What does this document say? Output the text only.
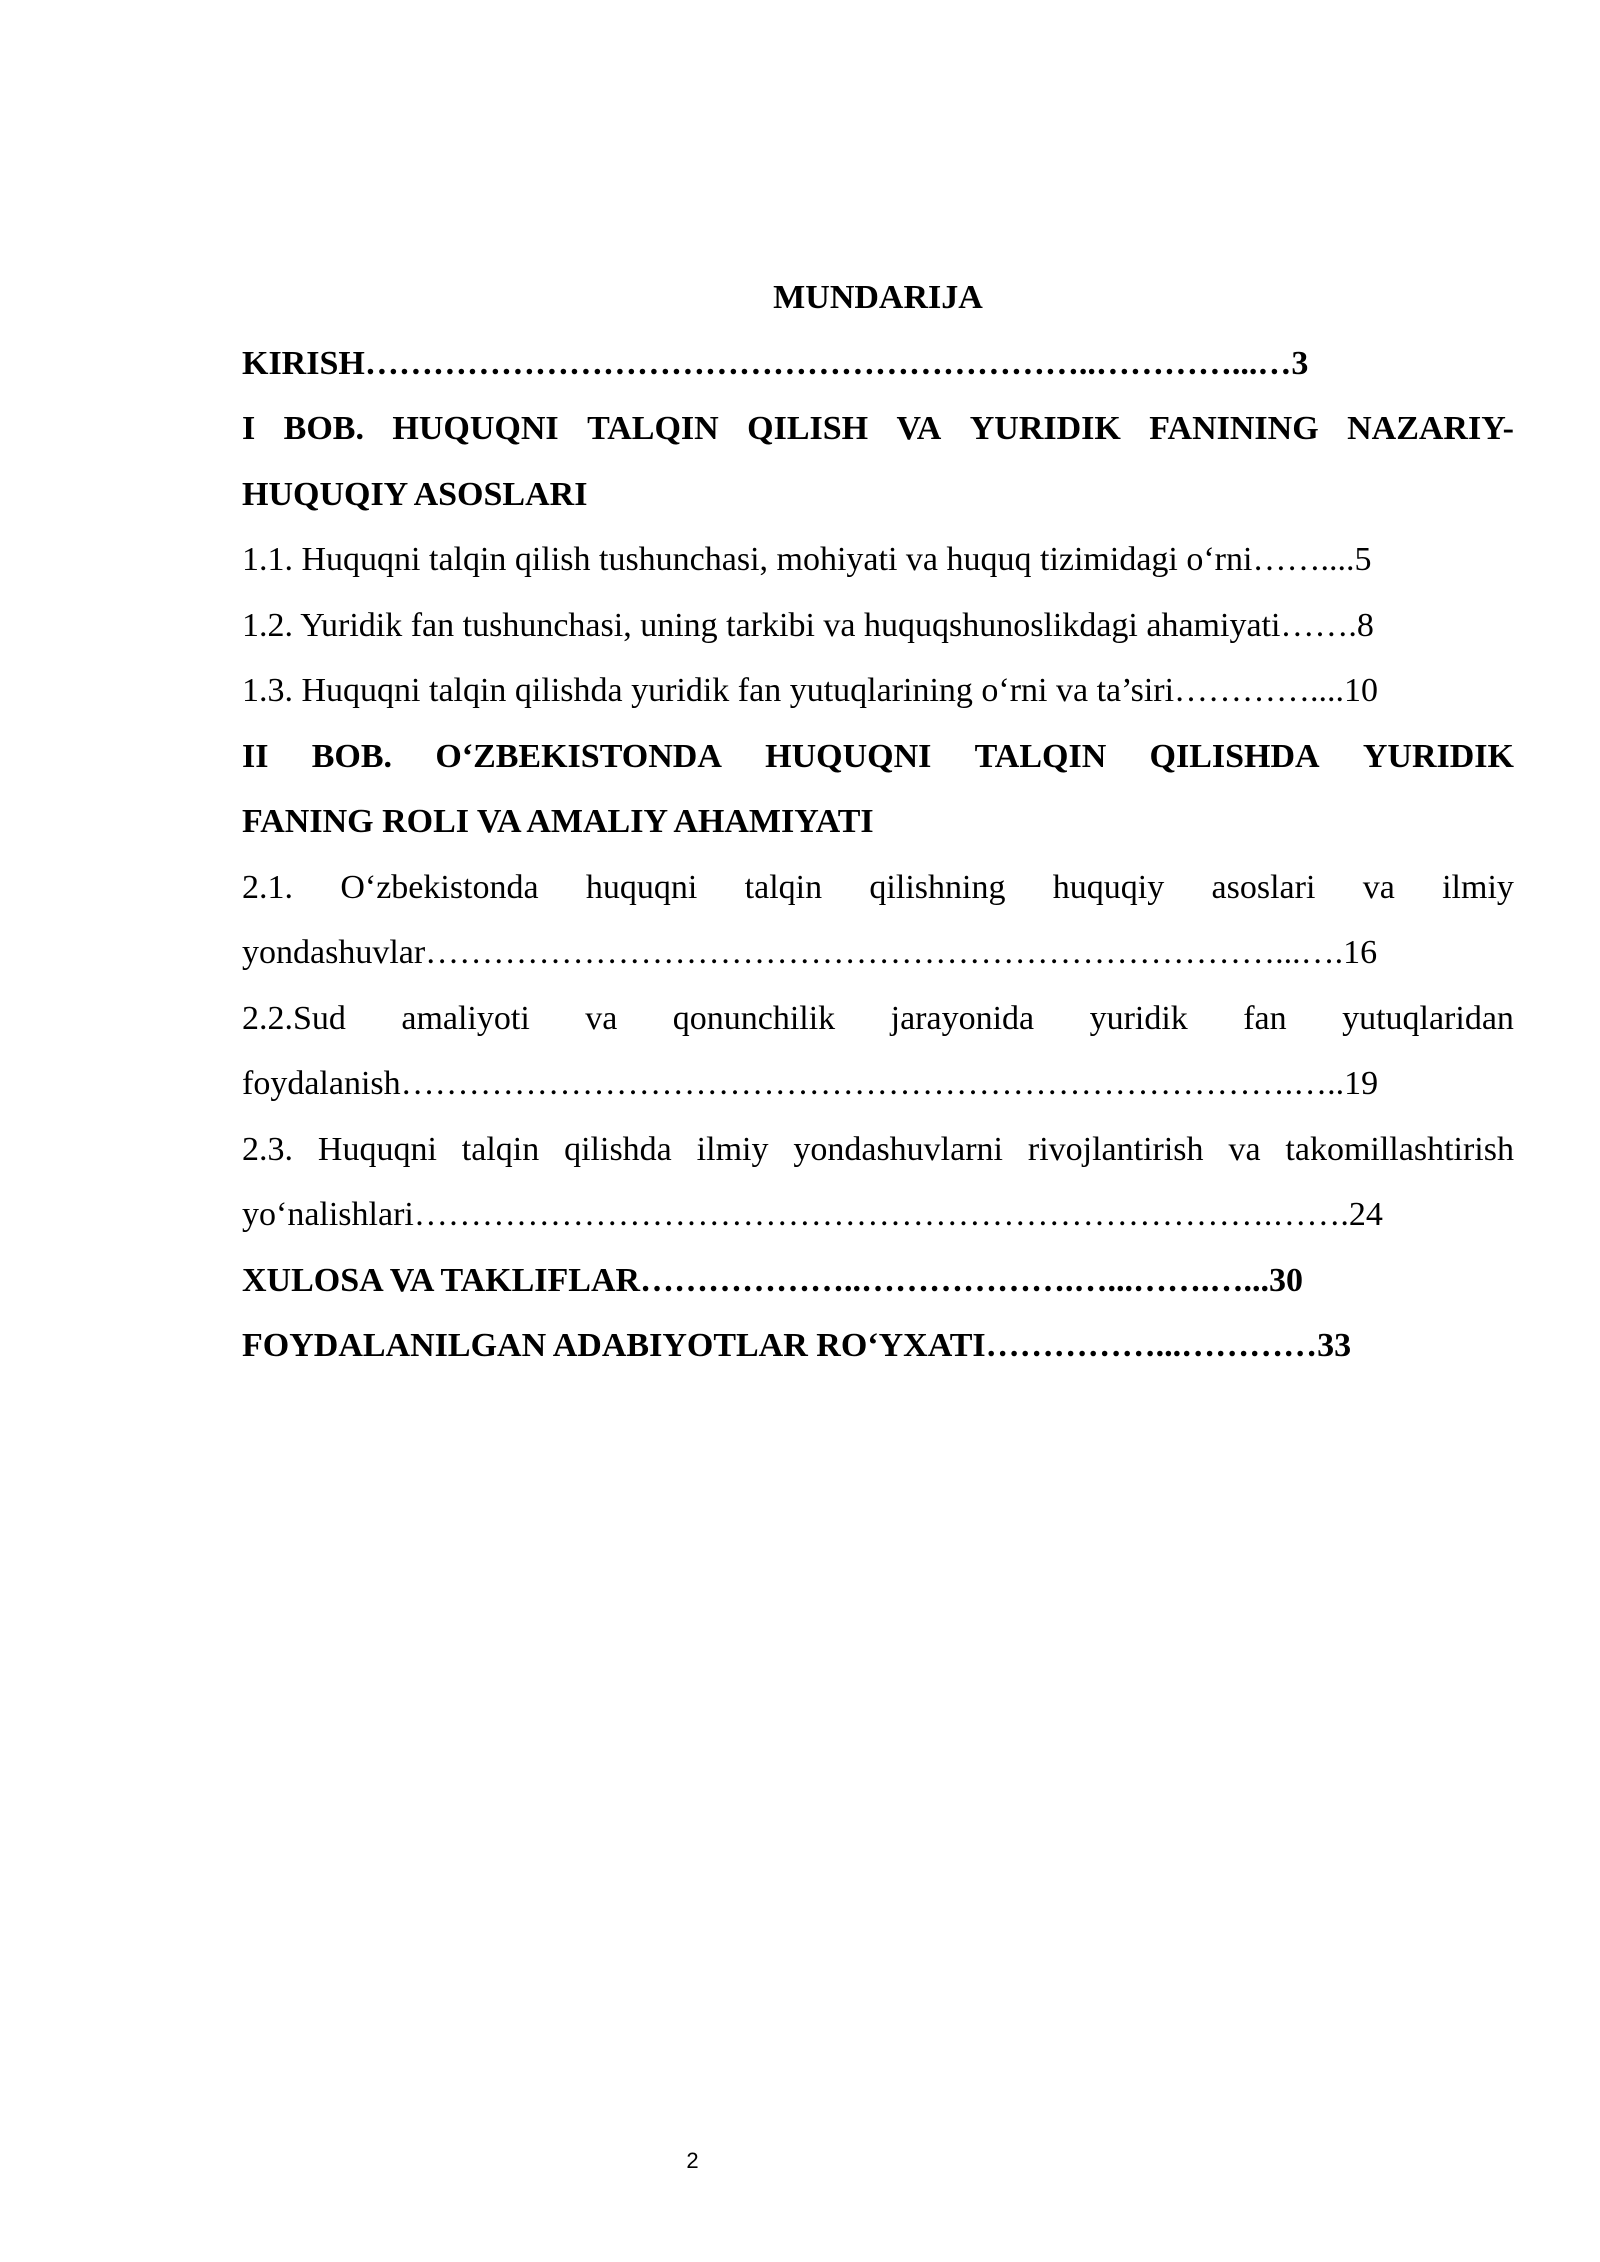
MUNDARIJA
KIRISH………………………………………………………..…………...…3
I BOB. HUQUQNI TALQIN QILISH VA YURIDIK FANINING NAZARIY-
HUQUQIY ASOSLARI
1.1. Huquqni talqin qilish tushunchasi, mohiyati va huquq tizimidagi o‘rni……....5
1.2. Yuridik fan tushunchasi, uning tarkibi va huquqshunoslikdagi ahamiyati…….8
1.3. Huquqni talqin qilishda yuridik fan yutuqlarining o‘rni va ta’siri…………....10
II BOB. O‘ZBEKISTONDA HUQUQNI TALQIN QILISHDA YURIDIK
FANING ROLI VA AMALIY AHAMIYATI
2.1. O‘zbekistonda huquqni talqin qilishning huquqiy asoslari va ilmiy
yondashuvlar…………………………………………………………………...….16
2.2.Sud amaliyoti va qonunchilik jarayonida yuridik fan yutuqlaridan
foydalanish…………………………………………………………………….…..19
2.3. Huquqni talqin qilishda ilmiy yondashuvlarni rivojlantirish va takomillashtirish
yo‘nalishlari………………………………………………………………….…….24
XULOSA VA TAKLIFLAR………………..……………….…...…….…...30
FOYDALANILGAN ADABIYOTLAR RO‘YXATI……………...…………33
2
